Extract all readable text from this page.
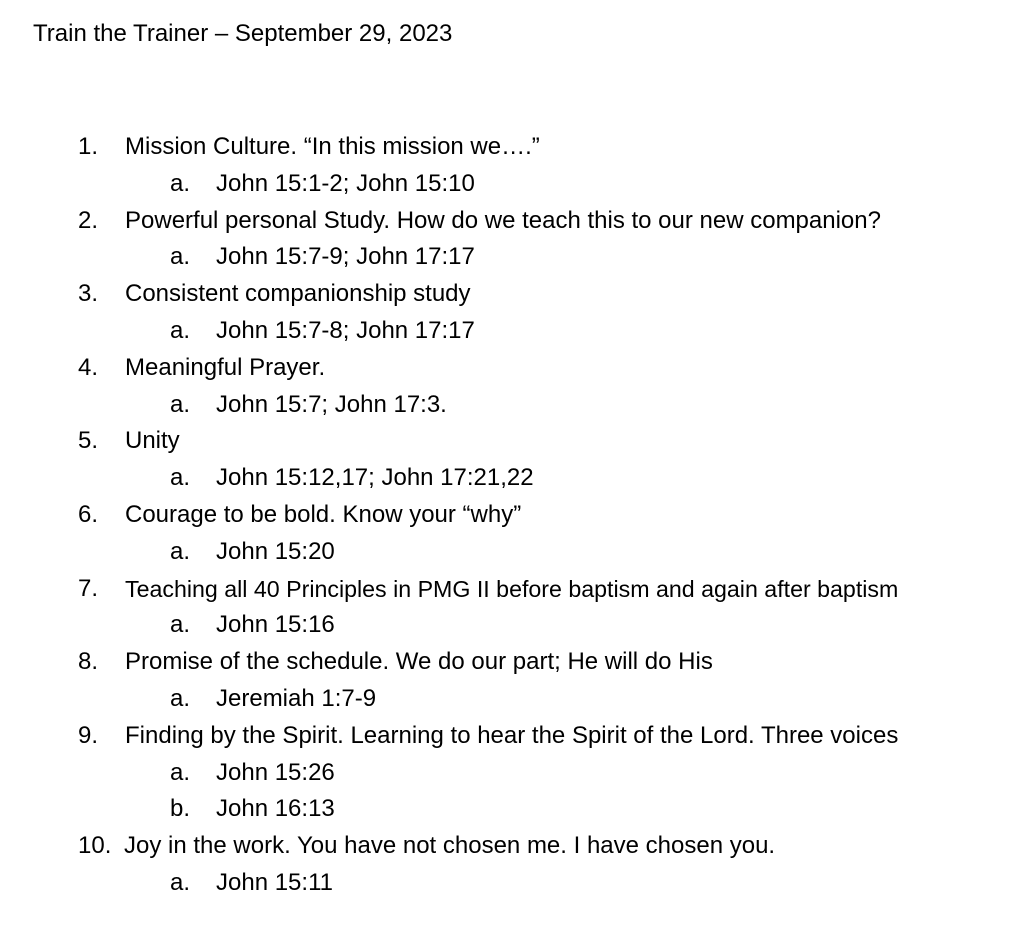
Train the Trainer – September 29, 2023
1. Mission Culture. “In this mission we….”
a. John 15:1-2; John 15:10
2. Powerful personal Study. How do we teach this to our new companion?
a. John 15:7-9; John 17:17
3. Consistent companionship study
a. John 15:7-8; John 17:17
4. Meaningful Prayer.
a. John 15:7; John 17:3.
5. Unity
a. John 15:12,17; John 17:21,22
6. Courage to be bold. Know your “why”
a. John 15:20
7. Teaching all 40 Principles in PMG II before baptism and again after baptism
a. John 15:16
8. Promise of the schedule. We do our part; He will do His
a. Jeremiah 1:7-9
9. Finding by the Spirit. Learning to hear the Spirit of the Lord. Three voices
a. John 15:26
b. John 16:13
10. Joy in the work. You have not chosen me. I have chosen you.
a. John 15:11
